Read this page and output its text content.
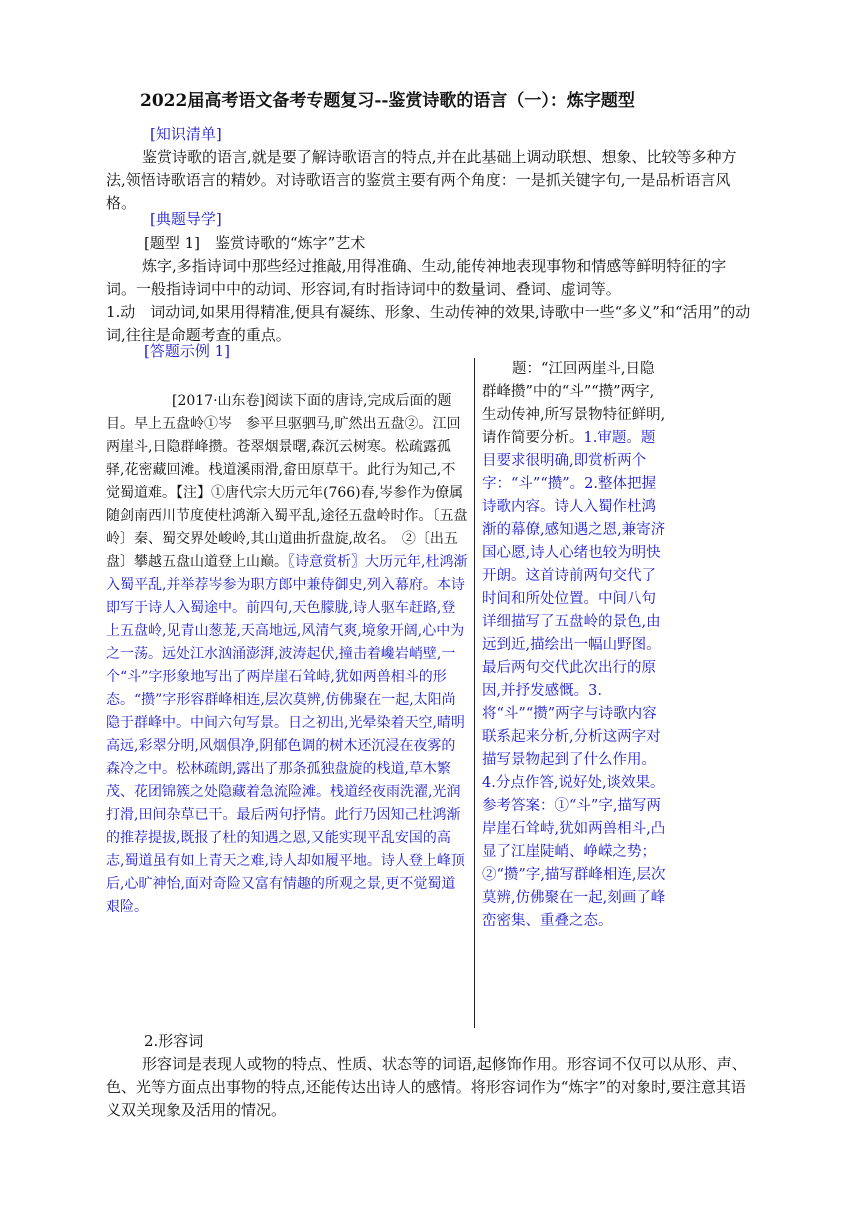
2022届高考语文备考专题复习--鉴赏诗歌的语言（一）：炼字题型
[知识清单]
鉴赏诗歌的语言,就是要了解诗歌语言的特点,并在此基础上调动联想、想象、比较等多种方法,领悟诗歌语言的精妙。对诗歌语言的鉴赏主要有两个角度：一是抓关键字句,一是品析语言风格。
[典题导学]
[题型 1]　鉴赏诗歌的“炼字”艺术
炼字,多指诗词中那些经过推敲,用得准确、生动,能传神地表现事物和情感等鲜明特征的字词。一般指诗词中中的动词、形容词,有时指诗词中的数量词、叠词、虚词等。
1.动　词动词,如果用得精准,便具有凝练、形象、生动传神的效果,诗歌中一些“多义”和“活用”的动词,往往是命题考查的重点。
[答题示例 1]
[2017·山东卷]阅读下面的唐诗,完成后面的题目。早上五盘岭①岑　参平旦驱驷马,旷然出五盘②。江回两崖斗,日隐群峰攒。苍翠烟景曙,森沉云树寒。松疏露孤驿,花密藏回滩。栈道溪雨滑,畲田原草干。此行为知己,不觉蜀道难。【注】①唐代宗大历元年(766)春,岑参作为僚属随剑南西川节度使杜鸿渐入蜀平乱,途径五盘岭时作。〔五盘岭〕秦、蜀交界处峻岭,其山道曲折盘旋,故名。　②〔出五盘〕攀越五盘山道登上山巅。〖诗意赏析〗大历元年,杜鸿渐入蜀平乱,并举荐岑参为职方郎中兼侍御史,列入幕府。本诗即写于诗人入蜀途中。前四句,天色朦胧,诗人驱车赶路,登上五盘岭,见青山葱茏,天高地远,风清气爽,境象开阔,心中为之一荡。远处江水汹涌澎湃,波涛起伏,撞击着巉岩峭壁,一个“斗”字形象地写出了两岸崖石耸峙,犹如两兽相斗的形态。“攒”字形容群峰相连,层次莫辨,仿佛聚在一起,太阳尚隐于群峰中。中间六句写景。日之初出,光晕染着天空,晴明高远,彩翠分明,风烟俱净,阴郁色调的树木还沉浸在夜雾的森冷之中。松林疏朗,露出了那条孤独盘旋的栈道,草木繁茂、花团锦簇之处隐藏着急流险滩。栈道经夜雨洗濯,光润打滑,田间杂草已干。最后两句抒情。此行乃因知己杜鸿渐的推荐提拔,既报了杜的知遇之恩,又能实现平乱安国的高志,蜀道虽有如上青天之难,诗人却如履平地。诗人登上峰顶后,心旷神怡,面对奇险又富有情趣的所观之景,更不觉蜀道艰险。
题：“江回两崖斗,日隐群峰攒”中的“斗”“攒”两字,生动传神,所写景物特征鲜明,请作简要分析。1.审题。题目要求很明确,即赏析两个字：“斗”“攒”。2.整体把握诗歌内容。诗人入蜀作杜鸿渐的幕僚,感知遇之恩,兼寄济国心愿,诗人心绪也较为明快开朗。这首诗前两句交代了时间和所处位置。中间八句详细描写了五盘岭的景色,由远到近,描绘出一幅山野图。最后两句交代此次出行的原因,并抒发感慨。3.将“斗”“攒”两字与诗歌内容联系起来分析,分析这两字对描写景物起到了什么作用。4.分点作答,说好处,谈效果。 参考答案：①“斗”字,描写两岸崖石耸峙,犹如两兽相斗,凸显了江崖陡峭、峥嵘之势；②“攒”字,描写群峰相连,层次莫辨,仿佛聚在一起,刻画了峰峦密集、重叠之态。
2.形容词
形容词是表现人或物的特点、性质、状态等的词语,起修饰作用。形容词不仅可以从形、声、色、光等方面点出事物的特点,还能传达出诗人的感情。将形容词作为“炼字”的对象时,要注意其语义双关现象及活用的情况。
